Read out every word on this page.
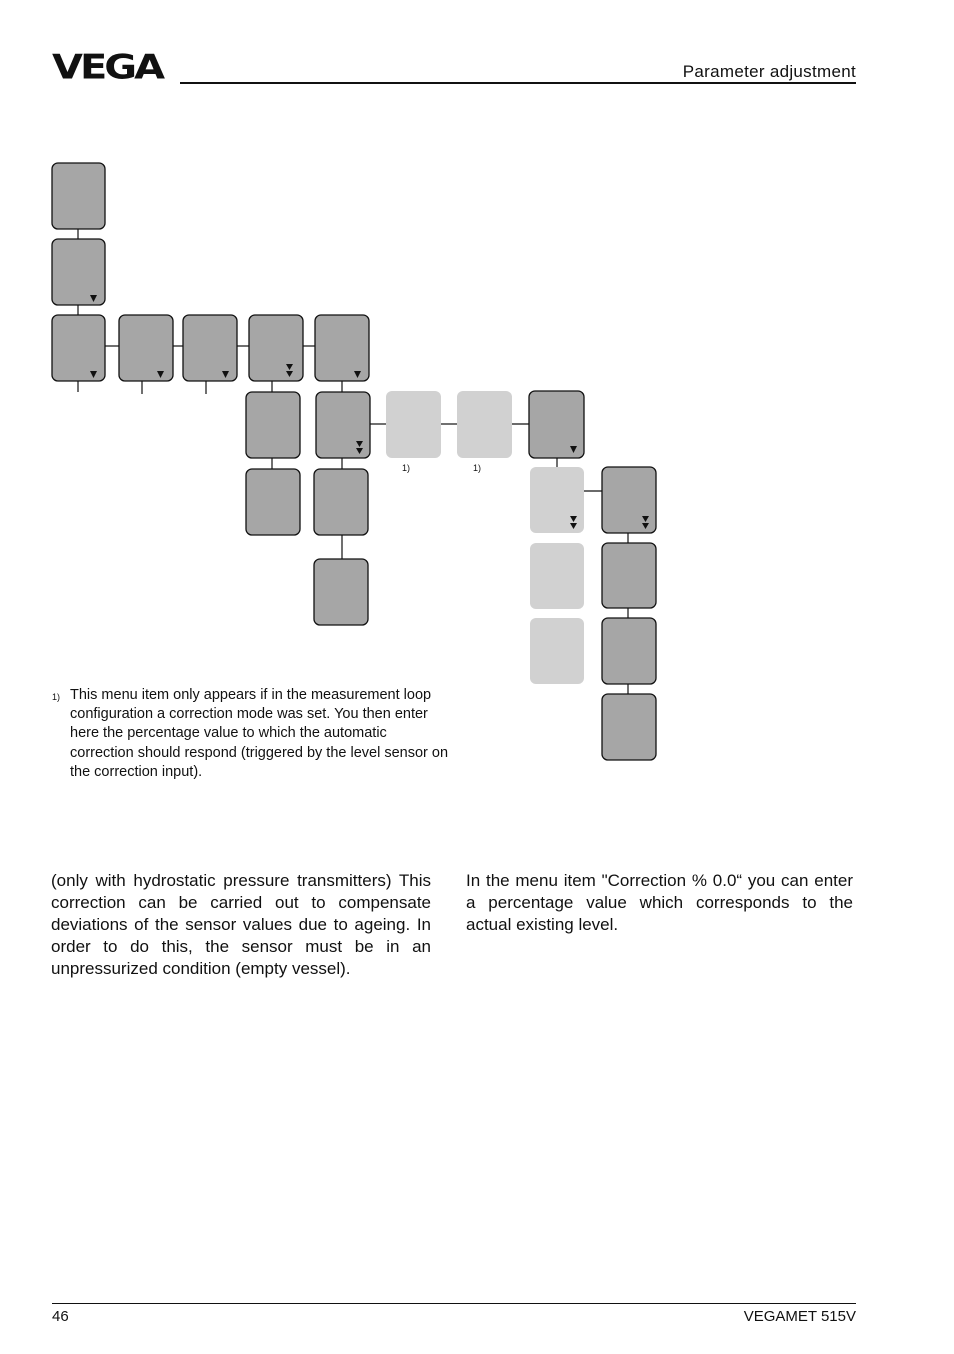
VEGA	Parameter adjustment
1)	1)
1) This menu item only appears if in the measurement loop configuration a correction mode was set. You then enter here the percentage value to which the automatic correction should respond (triggered by the level sensor on the correction input).
(only with hydrostatic pressure transmitters) This correction can be carried out to compensate deviations of the sensor values due to ageing. In order to do this, the sensor must be in an unpressurized condition (empty vessel).
In the menu item "Correction % 0.0“ you can enter a percentage value which corresponds to the actual existing level.
46	VEGAMET 515V
